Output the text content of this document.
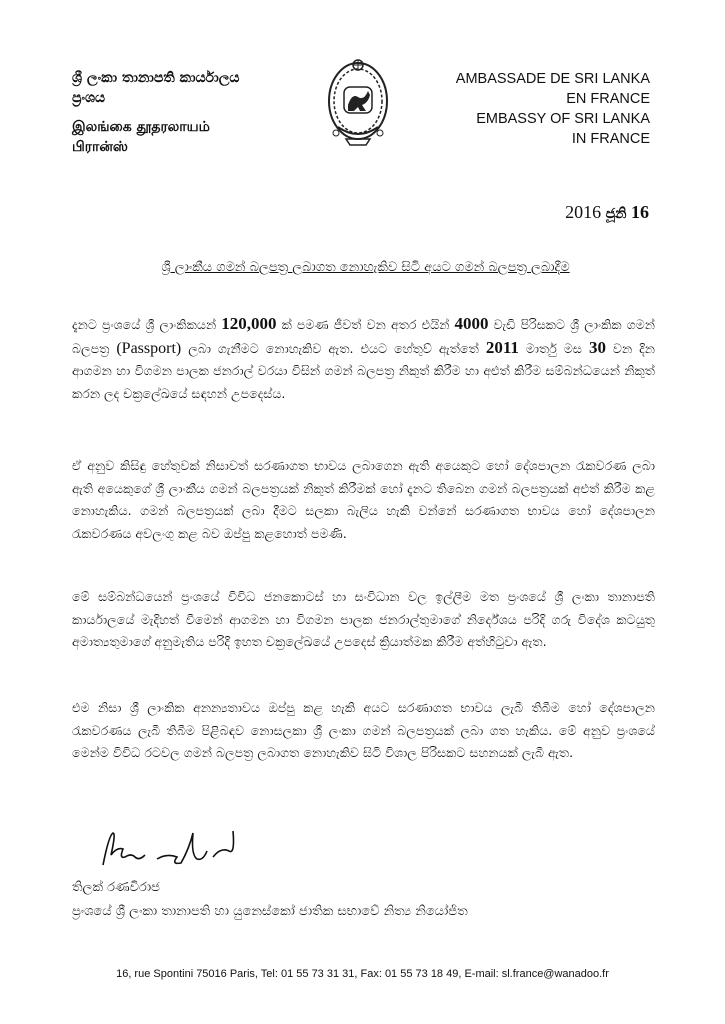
ශ්‍රී ලංකා තානාපති කාර්යාලය
ප්‍රංශය
இலங்கை தூதரலாயம்
பிரான்ஸ்
AMBASSADE DE SRI LANKA
EN FRANCE
EMBASSY OF SRI LANKA
IN FRANCE
2016 ජූනි 16
ශ්‍රී ලාංකීය ගමන් බලපත්‍ර ලබාගත නොහැකිව සිටි අයට ගමන් බලපත්‍ර ලබාදීම
දැනට ප්‍රංශයේ ශ්‍රී ලාංකිකයන් 120,000 ක් පමණ ජීවත් වන අතර එයින් 4000 වැඩි පිරිසකට ශ්‍රී ලාංකික ගමන් බලපත්‍ර (Passport) ලබා ගැනීමට නොහැකිව ඇත. එයට හේතුව් ඇත්තේ 2011 මාර්තු මස 30 වන දින ආගමන හා විගමන පාලක ජනරාල් වරයා විසින් ගමන් බලපත්‍ර නිකුත් කිරීම හා අළුත් කිරීම සම්බන්ධයෙන් නිකුත් කරන ලද චක්‍රලේඛයේ සඳහන් උපදෙස්ය.
ඒ අනුව කිසිඳු හේතුවක් නිසාවත් සරණාගත භාවය ලබාගෙන ඇති අයෙකුට හෝ දේශපාලන රැකවරණ ලබා ඇති අයෙකුගේ ශ්‍රී ලාංකීය ගමන් බලපත්‍රයක් නිකුත් කිරීමක් හෝ දැනට තිබෙන ගමන් බලපත්‍රයක් අළුත් කිරීම කළ නොහැකිය. ගමන් බලපත්‍රයක් ලබා දීමට සලකා බැලිය හැකි වන්නේ සරණාගත භාවය හෝ දේශපාලන රැකවරණය අවලංගු කළ බව ඔප්පු කළහොත් පමණි.
මේ සම්බන්ධයෙන් ප්‍රංශයේ විවිධ ජනකොටස් හා සංවිධාන වල ඉල්ලීම මත ප්‍රංශයේ ශ්‍රී ලංකා තානාපති කාර්යාලයේ මැදිහත් වීමෙන් ආගමන හා විගමන පාලක ජනරාල්තුමාගේ නිර්දේශය පරිදි ගරු විදේශ කටයුතු අමාත්‍යතුමාගේ අනුමැතිය පරිදි ඉහත චක්‍රලේඛයේ උපදෙස් ක්‍රියාත්මක කිරීම අත්හිටුවා ඇත.
එම නිසා ශ්‍රී ලාංකික අනන්‍යතාවය ඔප්පු කළ හැකි අයට සරණාගත භාවය ලැබී තිබීම හෝ දේශපාලන රැකවරණය ලැබී තිබීම පිළිබඳව නොසලකා ශ්‍රී ලංකා ගමන් බලපත්‍රයක් ලබා ගත හැකිය. මේ අනුව ප්‍රංශයේ මෙන්ම විවිධ රටවල ගමන් බලපත්‍ර ලබාගත නොහැකිව සිටි විශාල පිරිසකට සහනයක් ලැබී ඇත.
තිලක් රණවිරාජ
ප්‍රංශයේ ශ්‍රී ලංකා තානාපති හා යුනෙස්කෝ ජාතික සභාවේ නිත්‍ය නියෝජිත
16, rue Spontini 75016 Paris, Tel: 01 55 73 31 31, Fax: 01 55 73 18 49, E-mail: sl.france@wanadoo.fr
